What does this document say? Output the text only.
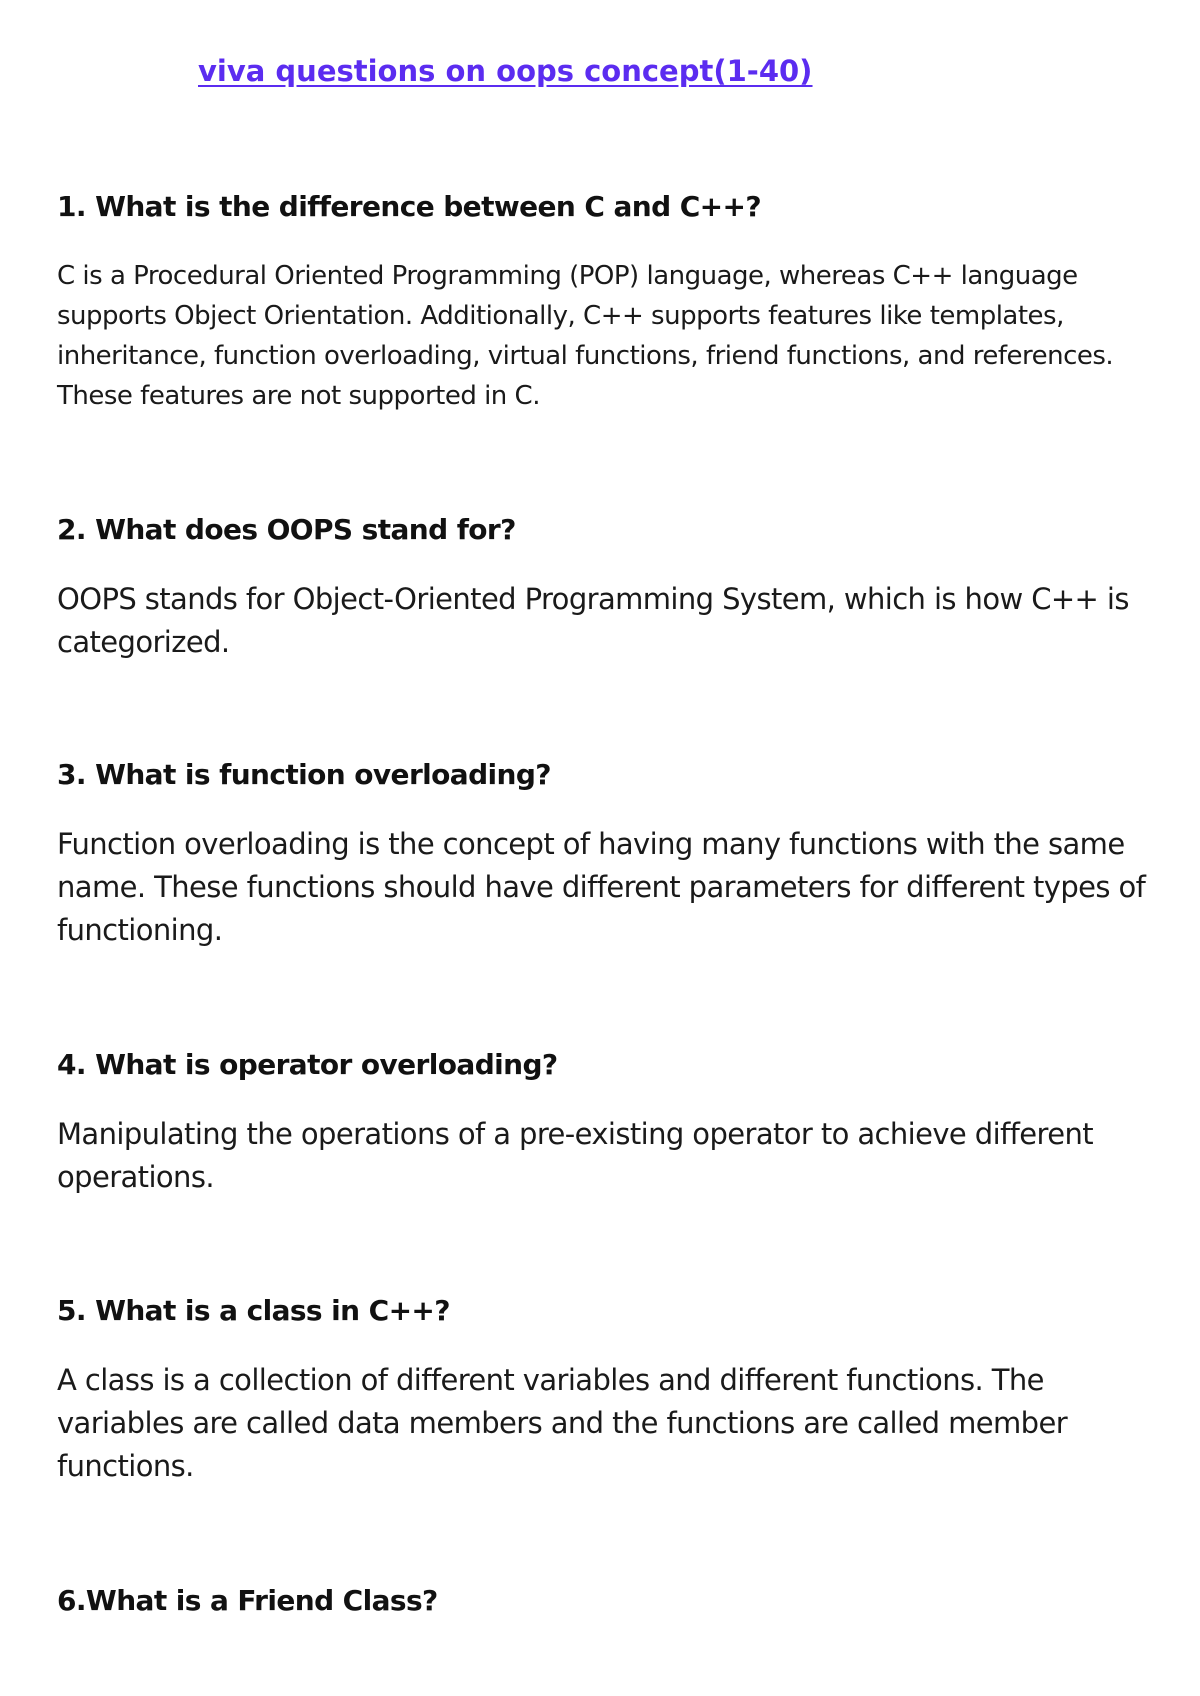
viva questions on oops concept(1-40)
1. What is the difference between C and C++?

C is a Procedural Oriented Programming (POP) language, whereas C++ language supports Object Orientation. Additionally, C++ supports features like templates, inheritance, function overloading, virtual functions, friend functions, and references. These features are not supported in C.

2. What does OOPS stand for?

OOPS stands for Object-Oriented Programming System, which is how C++ is categorized.

3. What is function overloading?

Function overloading is the concept of having many functions with the same name. These functions should have different parameters for different types of functioning.

4. What is operator overloading?

Manipulating the operations of a pre-existing operator to achieve different operations.

5. What is a class in C++?

A class is a collection of different variables and different functions. The variables are called data members and the functions are called member functions.

6.What is a Friend Class?
